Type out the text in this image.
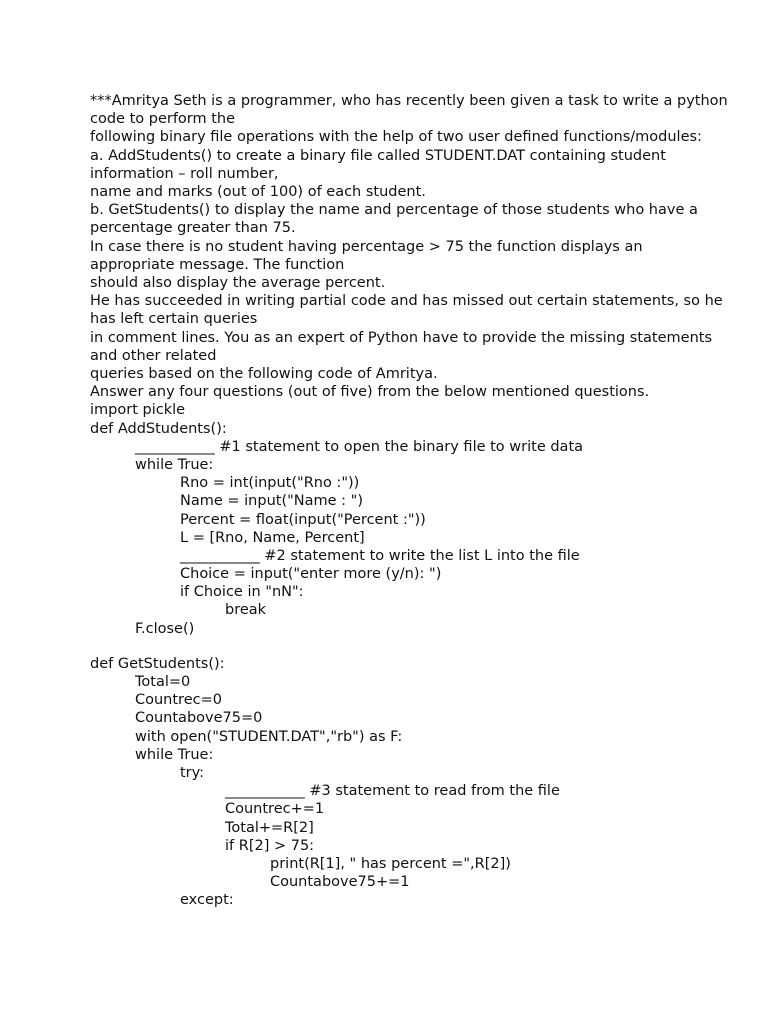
***Amritya Seth is a programmer, who has recently been given a task to write a python code to perform the
following binary file operations with the help of two user defined functions/modules:
a. AddStudents() to create a binary file called STUDENT.DAT containing student information – roll number,
name and marks (out of 100) of each student.
b. GetStudents() to display the name and percentage of those students who have a percentage greater than 75.
In case there is no student having percentage > 75 the function displays an appropriate message. The function
should also display the average percent.
He has succeeded in writing partial code and has missed out certain statements, so he has left certain queries
in comment lines. You as an expert of Python have to provide the missing statements and other related
queries based on the following code of Amritya.
Answer any four questions (out of five) from the below mentioned questions.
import pickle
def AddStudents():
___________ #1 statement to open the binary file to write data
while True:
Rno = int(input("Rno :"))
Name = input("Name : ")
Percent = float(input("Percent :"))
L = [Rno, Name, Percent]
___________ #2 statement to write the list L into the file
Choice = input("enter more (y/n): ")
if Choice in "nN":
break
F.close()
def GetStudents():
Total=0
Countrec=0
Countabove75=0
with open("STUDENT.DAT","rb") as F:
while True:
try:
___________ #3 statement to read from the file
Countrec+=1
Total+=R[2]
if R[2] > 75:
print(R[1], " has percent =",R[2])
Countabove75+=1
except:
